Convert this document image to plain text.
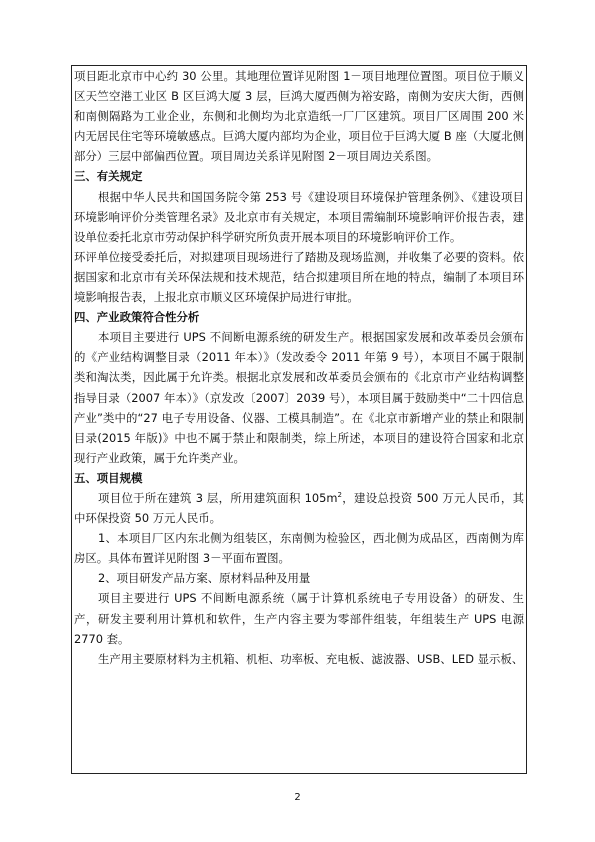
项目距北京市中心约 30 公里。其地理位置详见附图 1－项目地理位置图。项目位于顺义区天竺空港工业区 B 区巨鸿大厦 3 层，巨鸿大厦西侧为裕安路，南侧为安庆大街，西侧和南侧隔路为工业企业，东侧和北侧均为北京造纸一厂厂区建筑。项目厂区周围 200 米内无居民住宅等环境敏感点。巨鸿大厦内部均为企业，项目位于巨鸿大厦 B 座（大厦北侧部分）三层中部偏西位置。项目周边关系详见附图 2－项目周边关系图。

三、有关规定

根据中华人民共和国国务院令第 253 号《建设项目环境保护管理条例》、《建设项目环境影响评价分类管理名录》及北京市有关规定，本项目需编制环境影响评价报告表，建设单位委托北京市劳动保护科学研究所负责开展本项目的环境影响评价工作。

环评单位接受委托后，对拟建项目现场进行了踏勘及现场监测，并收集了必要的资料。依据国家和北京市有关环保法规和技术规范，结合拟建项目所在地的特点，编制了本项目环境影响报告表，上报北京市顺义区环境保护局进行审批。

四、产业政策符合性分析

本项目主要进行 UPS 不间断电源系统的研发生产。根据国家发展和改革委员会颁布的《产业结构调整目录（2011 年本）》（发改委令 2011 年第 9 号），本项目不属于限制类和淘汰类，因此属于允许类。根据北京发展和改革委员会颁布的《北京市产业结构调整指导目录（2007 年本）》（京发改〔2007〕2039 号），本项目属于鼓励类中“二十四信息产业”类中的“27 电子专用设备、仪器、工模具制造”。在《北京市新增产业的禁止和限制目录(2015 年版)》中也不属于禁止和限制类，综上所述，本项目的建设符合国家和北京现行产业政策，属于允许类产业。

五、项目规模

项目位于所在建筑 3 层，所用建筑面积 $105m^2$，建设总投资 500 万元人民币，其中环保投资 50 万元人民币。

1、本项目厂区内东北侧为组装区，东南侧为检验区，西北侧为成品区，西南侧为库房区。具体布置详见附图 3－平面布置图。

2、项目研发产品方案、原材料品种及用量

项目主要进行 UPS 不间断电源系统（属于计算机系统电子专用设备）的研发、生产，研发主要利用计算机和软件，生产内容主要为零部件组装，年组装生产 UPS 电源 2770 套。

生产用主要原材料为主机箱、机柜、功率板、充电板、滤波器、USB、LED 显示板、

2
